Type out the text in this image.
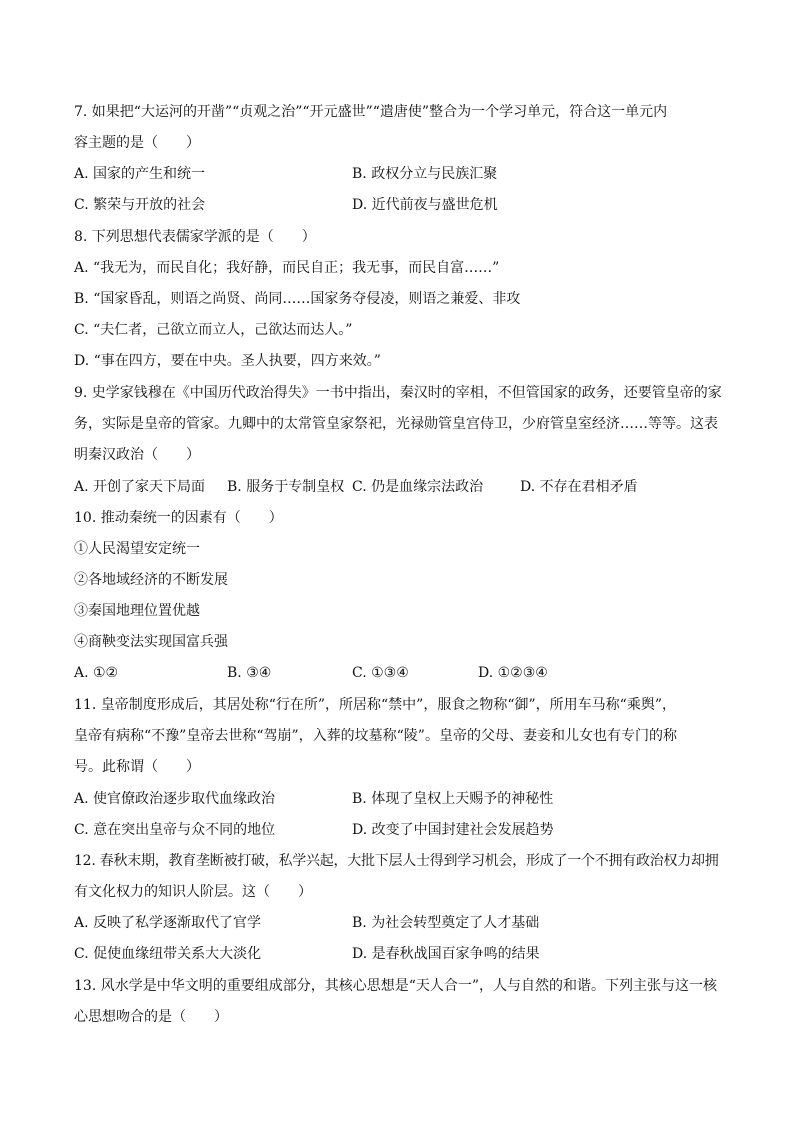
7. 如果把“大运河的开凿”“贞观之治”“开元盛世”“遣唐使”整合为一个学习单元，符合这一单元内
容主题的是（　　）
A. 国家的产生和统一	B. 政权分立与民族汇聚
C. 繁荣与开放的社会	D. 近代前夜与盛世危机
8. 下列思想代表儒家学派的是（　　）
A. “我无为，而民自化；我好静，而民自正；我无事，而民自富……”
B. “国家昏乱，则语之尚贤、尚同……国家务夺侵凌，则语之兼爱、非攻
C. “夫仁者，己欲立而立人，己欲达而达人。”
D. “事在四方，要在中央。圣人执要，四方来效。”
9. 史学家钱穆在《中国历代政治得失》一书中指出，秦汉时的宰相，不但管国家的政务，还要管皇帝的家
务，实际是皇帝的管家。九卿中的太常管皇家祭祀，光禄勋管皇宫侍卫，少府管皇室经济……等等。这表
明秦汉政治（　　）
A. 开创了家天下局面 B. 服务于专制皇权 C. 仍是血缘宗法政治	D. 不存在君相矛盾
10. 推动秦统一的因素有（　　）
①人民渴望安定统一
②各地域经济的不断发展
③秦国地理位置优越
④商鞅变法实现国富兵强
A. ①②	B. ③④	C. ①③④	D. ①②③④
11. 皇帝制度形成后，其居处称“行在所”，所居称“禁中”，服食之物称“御”，所用车马称“乘舆”，
皇帝有病称“不豫”皇帝去世称“驾崩”，入葬的坟墓称“陵”。皇帝的父母、妻妾和儿女也有专门的称
号。此称谓（　　）
A. 使官僚政治逐步取代血缘政治	B. 体现了皇权上天赐予的神秘性
C. 意在突出皇帝与众不同的地位	D. 改变了中国封建社会发展趋势
12. 春秋末期，教育垄断被打破，私学兴起，大批下层人士得到学习机会，形成了一个不拥有政治权力却拥
有文化权力的知识人阶层。这（　　）
A. 反映了私学逐渐取代了官学	B. 为社会转型奠定了人才基础
C. 促使血缘纽带关系大大淡化	D. 是春秋战国百家争鸣的结果
13. 风水学是中华文明的重要组成部分，其核心思想是“天人合一”，人与自然的和谐。下列主张与这一核
心思想吻合的是（　　）
